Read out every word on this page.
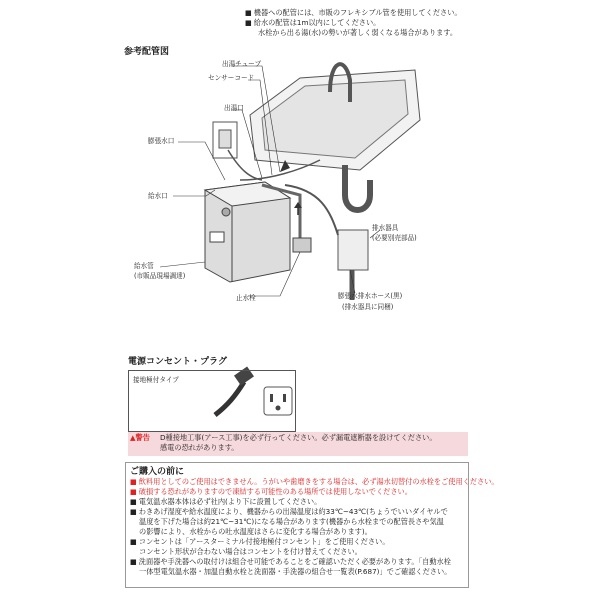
■ 機器への配管には、市販のフレキシブル管を使用してください。
■ 給水の配管は1m以内にしてください。
水栓から出る湯(水)の勢いが著しく弱くなる場合があります。
参考配管図
出湯チューブ
センサーコード
出湯口
膨張水口
給水口
排水器具
(必要別売部品)
給水管
(市販品現場調達)
止水栓	膨張水排水ホース(黒)
(排水器具に同梱)
電源コンセント・プラグ
接地極付タイプ
▲警告 D種接地工事(アース工事)を必ず行ってください。必ず漏電遮断器を設けてください。
感電の恐れがあります。
ご購入の前に
■ 飲料用としてのご使用はできません。うがいや歯磨きをする場合は、必ず湯水切替付の水栓をご使用ください。
■ 破損する恐れがありますので凍結する可能性のある場所では使用しないでください。
■ 電気温水器本体は必ず社内(より下に設置してください。
■ わきあげ湿度や給水温度により、機器からの出湯温度は約33℃~43℃(ちょうでいいダイヤルで
温度を下げた場合は約21℃~31℃)になる場合があります(機器から水栓までの配管長さや気温
の影響により、水栓からの吐水温度はさらに変化する場合があります)。
■ コンセントは「アースターミナル付接地極付コンセント」をご使用ください。
コンセント形状が合わない場合はコンセントを付け替えてください。
■ 洗面器や手洗器への取付けは組合せ可能であることをご確認いただく必要があります。「自動水栓
一体型電気温水器・加温自動水栓と洗面器・手洗器の組合せ一覧表(P.687)」でご確認ください。
